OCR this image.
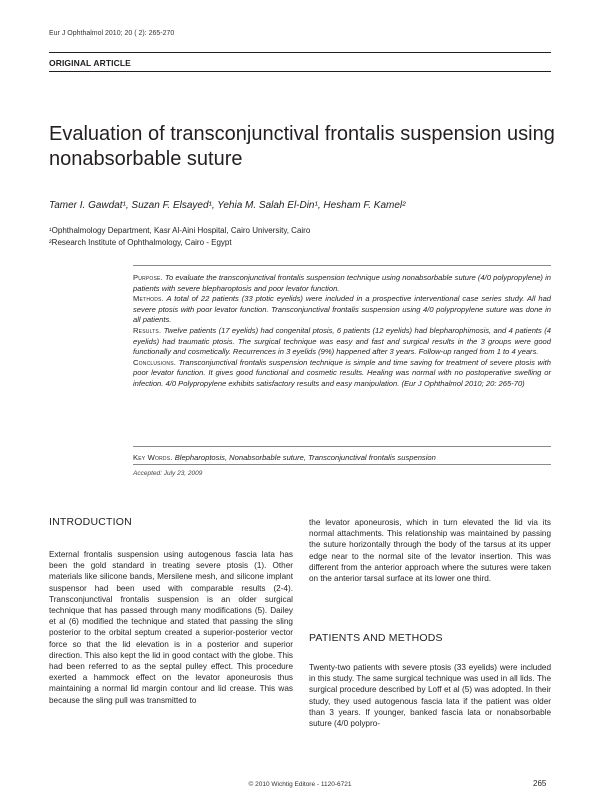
Eur J Ophthalmol 2010; 20 ( 2): 265-270
ORIGINAL ARTICLE
Evaluation of transconjunctival frontalis suspension using nonabsorbable suture
Tamer I. Gawdat¹, Suzan F. Elsayed¹, Yehia M. Salah El-Din¹, Hesham F. Kamel²
¹Ophthalmology Department, Kasr Al-Aini Hospital, Cairo University, Cairo
²Research Institute of Ophthalmology, Cairo - Egypt

Purpose. To evaluate the transconjunctival frontalis suspension technique using nonabsorbable suture (4/0 polypropylene) in patients with severe blepharoptosis and poor levator function.

Methods. A total of 22 patients (33 ptotic eyelids) were included in a prospective interventional case series study. All had severe ptosis with poor levator function. Transconjunctival frontalis suspension using 4/0 polypropylene suture was done in all patients.

Results. Twelve patients (17 eyelids) had congenital ptosis, 6 patients (12 eyelids) had blepharophimosis, and 4 patients (4 eyelids) had traumatic ptosis. The surgical technique was easy and fast and surgical results in the 3 groups were good functionally and cosmetically. Recurrences in 3 eyelids (9%) happened after 3 years. Follow-up ranged from 1 to 4 years.

Conclusions. Transconjunctival frontalis suspension technique is simple and time saving for treatment of severe ptosis with poor levator function. It gives good functional and cosmetic results. Healing was normal with no postoperative swelling or infection. 4/0 Polypropylene exhibits satisfactory results and easy manipulation. (Eur J Ophthalmol 2010; 20: 265-70)

Key Words. Blepharoptosis, Nonabsorbable suture, Transconjunctival frontalis suspension
Accepted: July 23, 2009
INTRODUCTION

External frontalis suspension using autogenous fascia lata has been the gold standard in treating severe ptosis (1). Other materials like silicone bands, Mersilene mesh, and silicone implant suspensor had been used with comparable results (2-4). Transconjunctival frontalis suspension is an older surgical technique that has passed through many modifications (5). Dailey et al (6) modified the technique and stated that passing the sling posterior to the orbital septum created a superior-posterior vector force so that the lid elevation is in a posterior and superior direction. This also kept the lid in good contact with the globe. This had been referred to as the septal pulley effect. This procedure exerted a hammock effect on the levator aponeurosis thus maintaining a normal lid margin contour and lid crease. This was because the sling pull was transmitted to

the levator aponeurosis, which in turn elevated the lid via its normal attachments. This relationship was maintained by passing the suture horizontally through the body of the tarsus at its upper edge near to the normal site of the levator insertion. This was different from the anterior approach where the sutures were taken on the anterior tarsal surface at its lower one third.

PATIENTS AND METHODS

Twenty-two patients with severe ptosis (33 eyelids) were included in this study. The same surgical technique was used in all lids. The surgical procedure described by Loff et al (5) was adopted. In their study, they used autogenous fascia lata if the patient was older than 3 years. If younger, banked fascia lata or nonabsorbable suture (4/0 polypro-

© 2010 Wichtig Editore - 1120-6721	265
